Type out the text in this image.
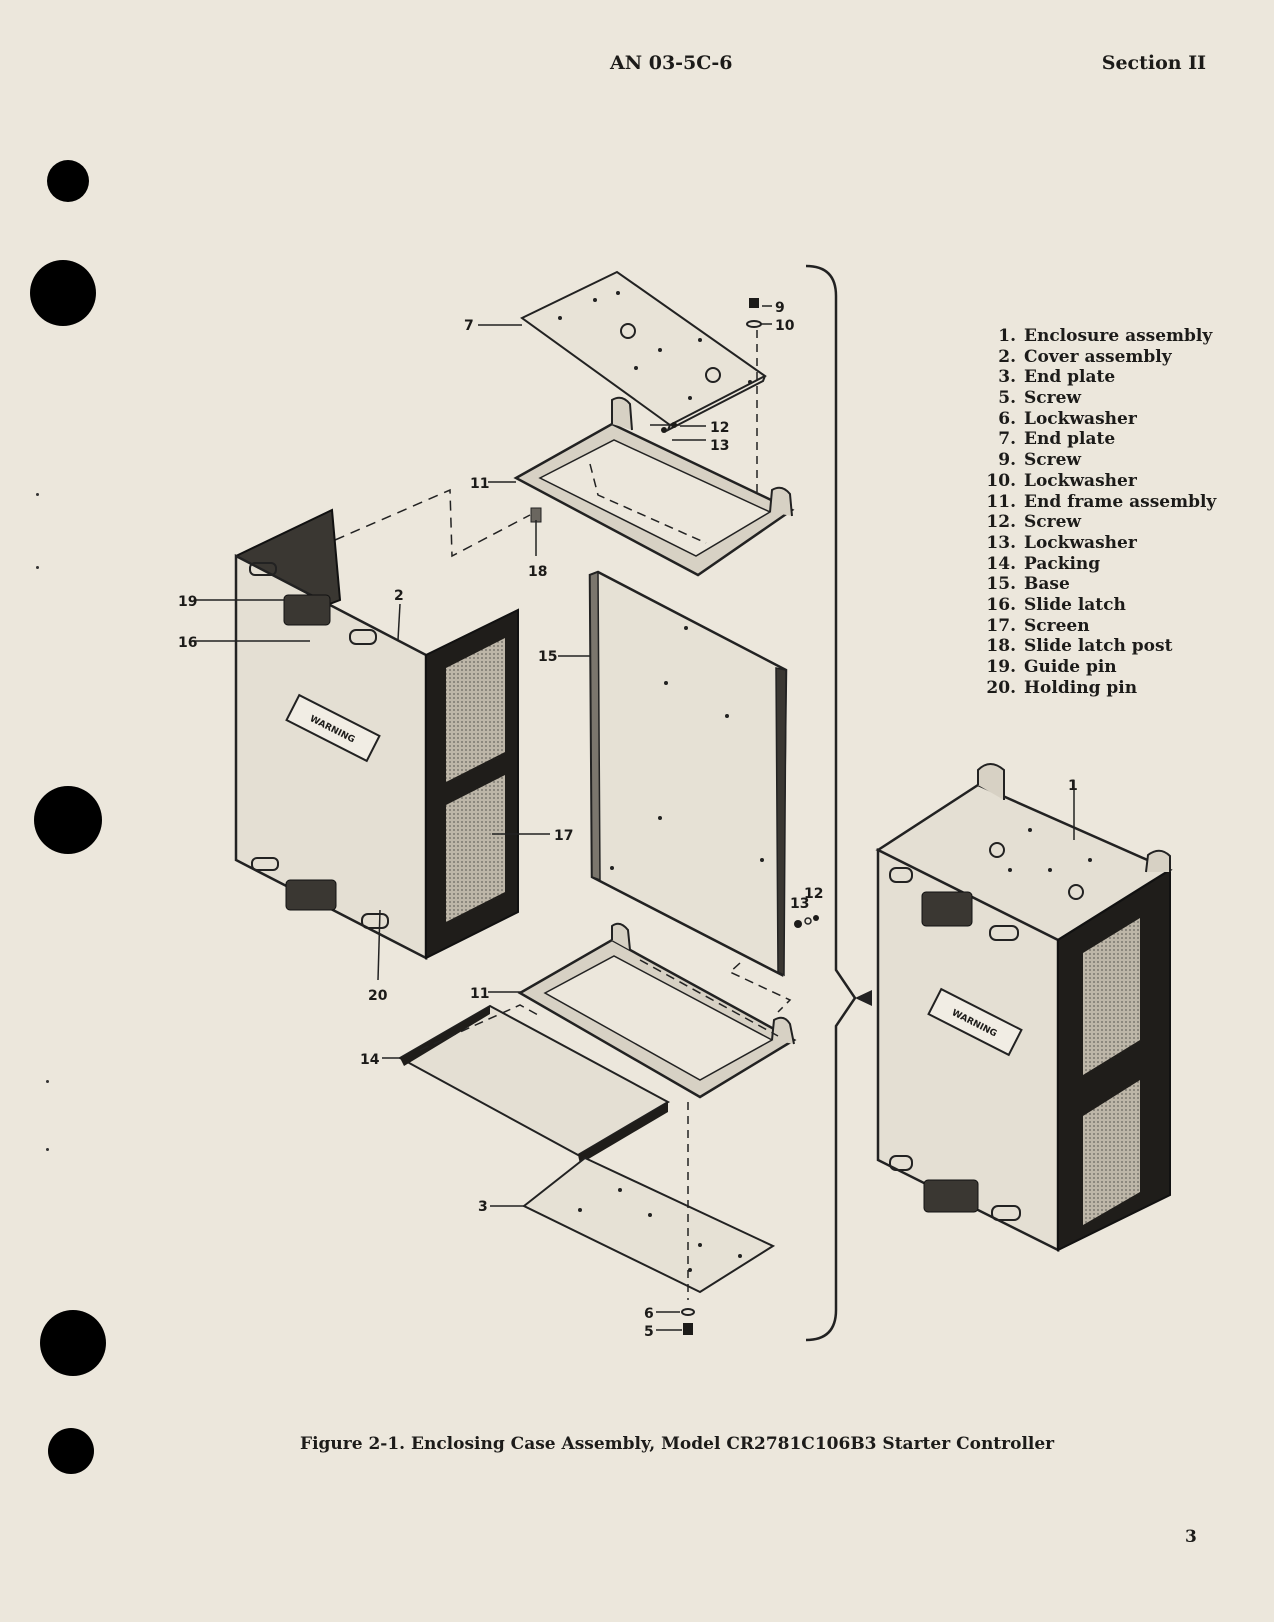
AN 03-5C-6	Section II
WARNING
WARNING
7
9
10
12
13
11
18
19
16
2
15
17
20
13
12
11
14
3
6
5
1
1. Enclosure assembly
2. Cover assembly
3. End plate
5. Screw
6. Lockwasher
7. End plate
9. Screw
10. Lockwasher
11. End frame assembly
12. Screw
13. Lockwasher
14. Packing
15. Base
16. Slide latch
17. Screen
18. Slide latch post
19. Guide pin
20. Holding pin
Figure 2-1. Enclosing Case Assembly, Model CR2781C106B3 Starter Controller
3
